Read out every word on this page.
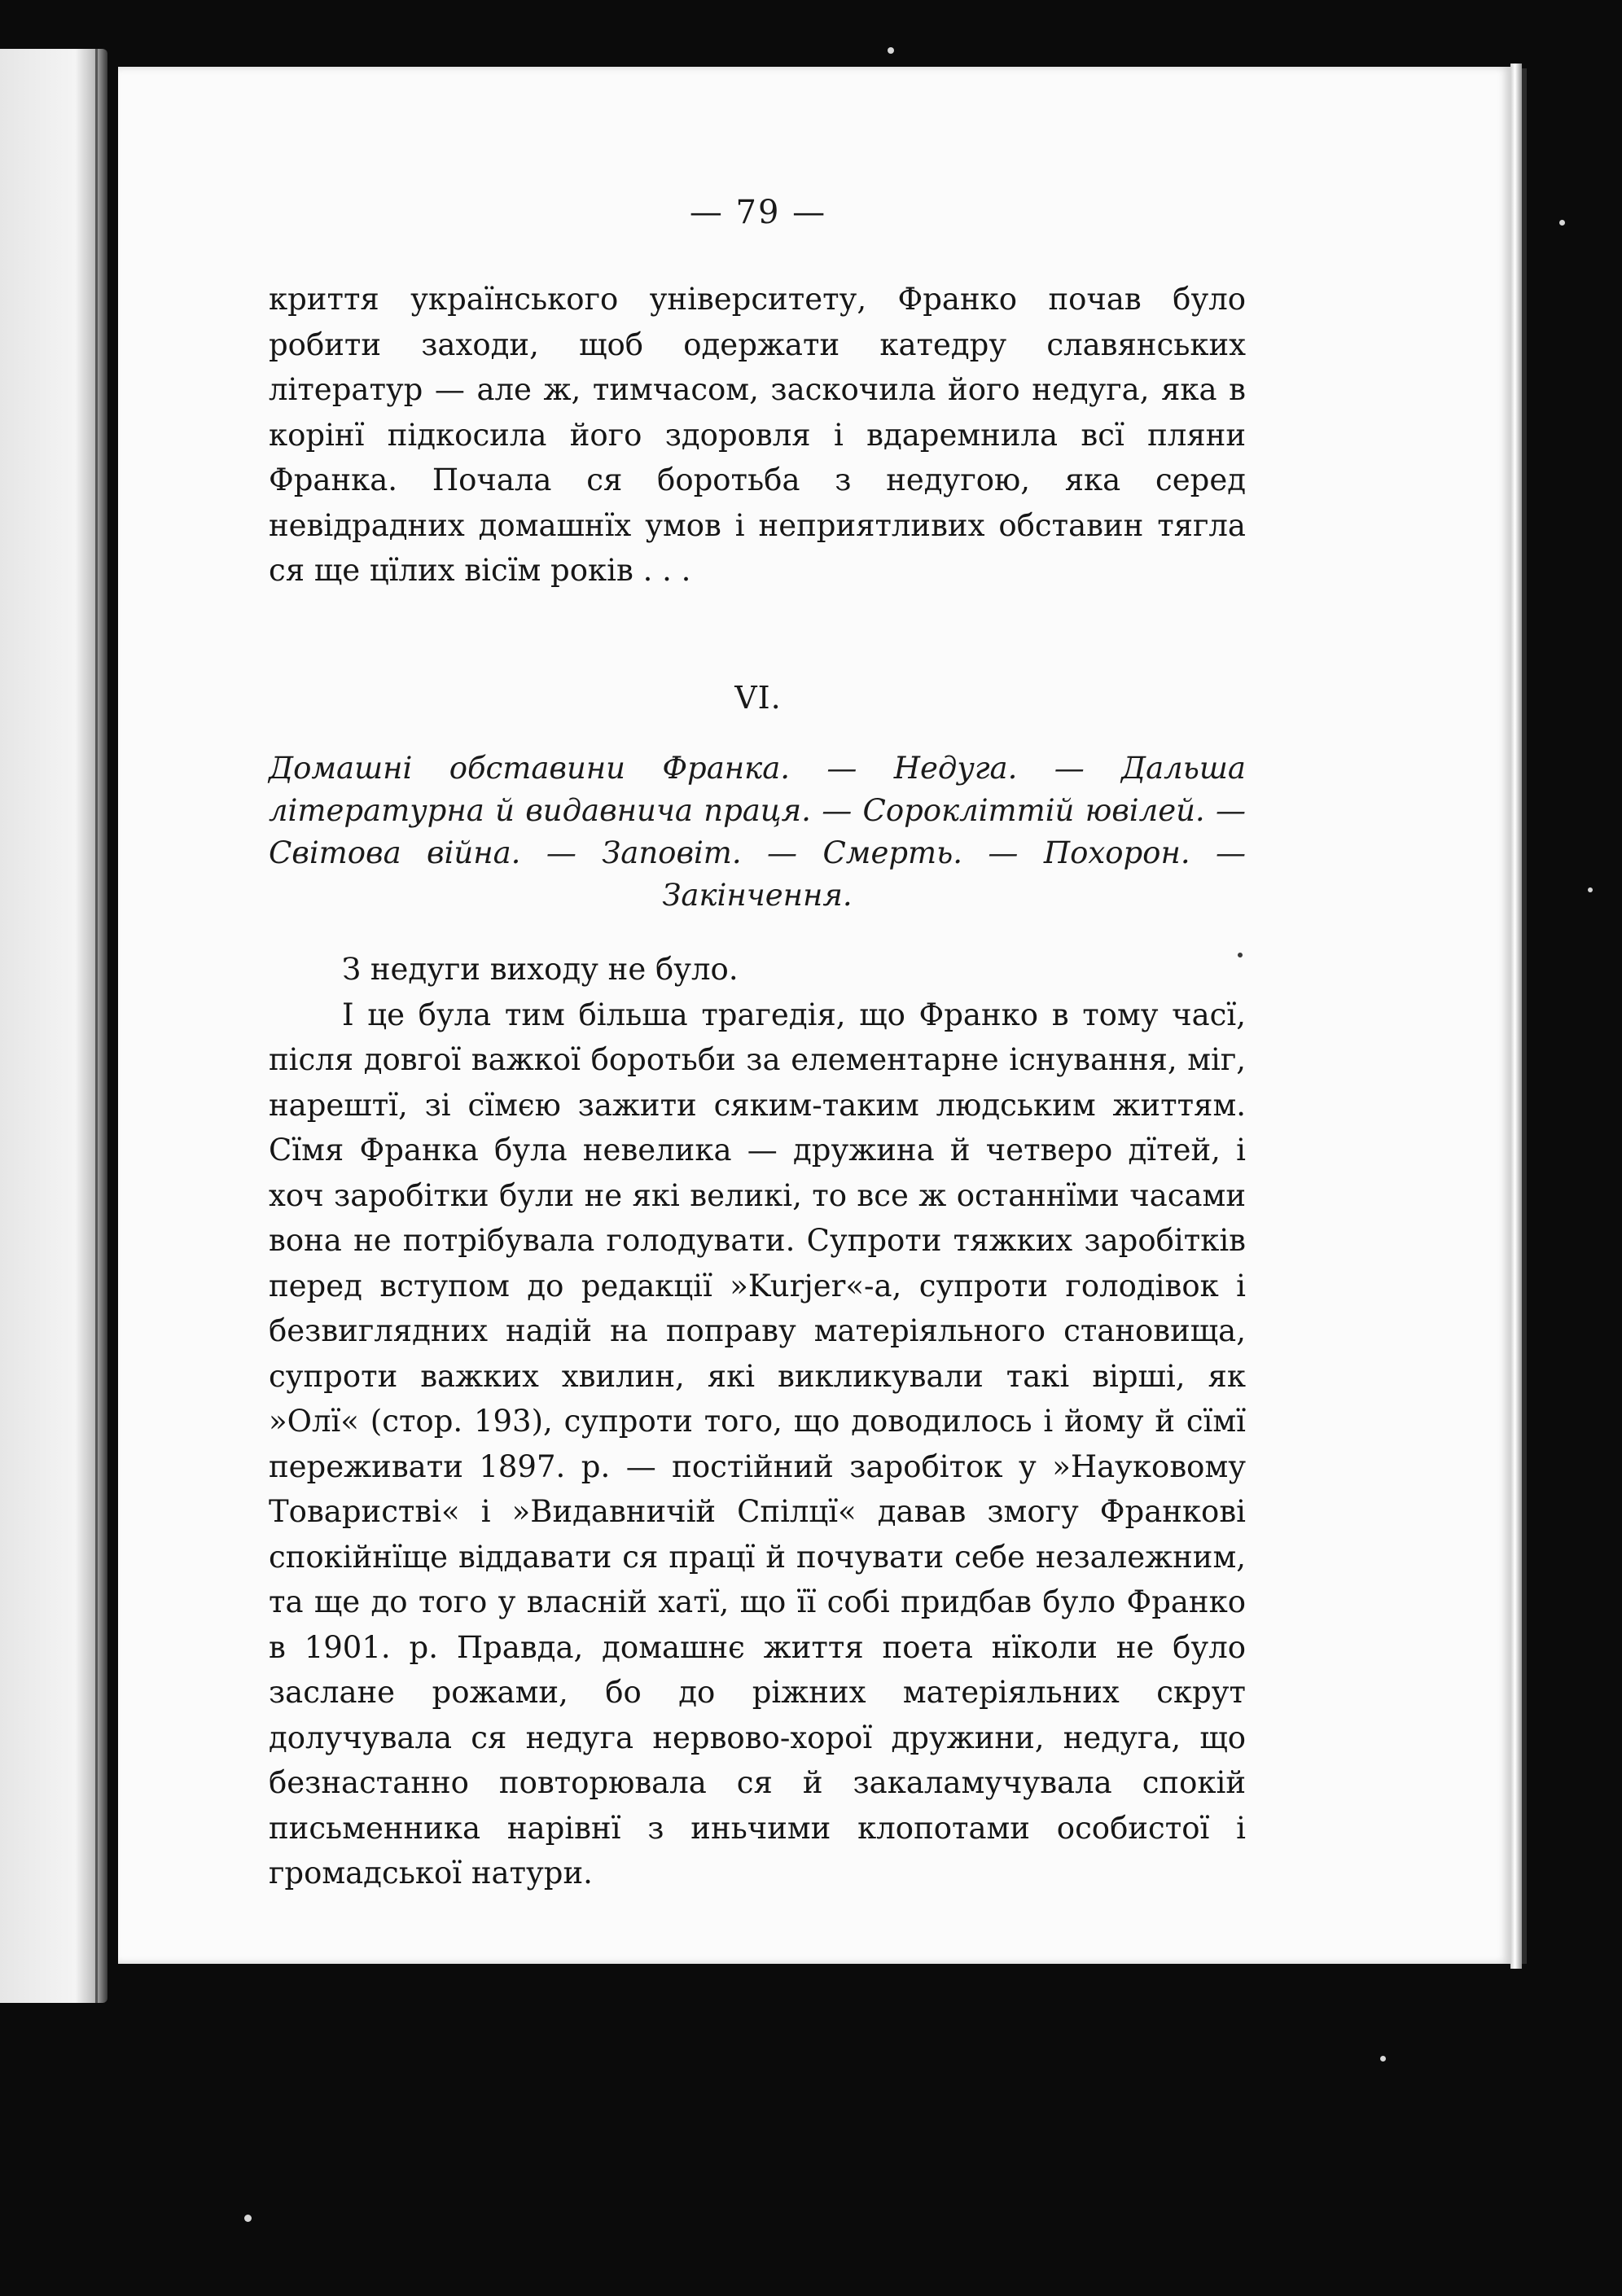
— 79 —

криття українського університету, Франко почав було робити заходи, щоб одержати катедру славянських літератур — але ж, тимчасом, заскочила його недуга, яка в корінї підкосила його здоровля і вдаремнила всї пляни Франка. Почала ся боротьба з недугою, яка серед невідрадних домашнїх умов і неприятливих обставин тягла ся ще цїлих вісїм років . . .

VI.
Домашні обставини Франка. — Недуга. — Дальша літературна й видавнича праця. — Сорокліттій ювілей. — Світова війна. — Заповіт. — Смерть. — Похорон. — Закінчення.

З недуги виходу не було.

І це була тим більша трагедія, що Франко в тому часї, після довгої важкої боротьби за елементарне існування, міг, нарештї, зі сїмєю зажити сяким-таким людським життям. Сїмя Франка була невелика — дружина й четверо дїтей, і хоч заробітки були не які великі, то все ж останнїми часами вона не потрібувала голодувати. Супроти тяжких заробітків перед вступом до редакції »Kurjer«-а, супроти голодівок і безвиглядних надій на поправу матеріяльного становища, супроти важких хвилин, які викликували такі вірші, як »Олї« (стор. 193), супроти того, що доводилось і йому й сїмї переживати 1897. р. — постійний заробіток у »Науковому Товаристві« і »Видавничій Спілцї« давав змогу Франкові спокійнїще віддавати ся працї й почувати себе незалежним, та ще до того у власній хатї, що її собі придбав було Франко в 1901. р. Правда, домашнє життя поета нїколи не було заслане рожами, бо до ріжних матеріяльних скрут долучувала ся недуга нервово-хорої дружини, недуга, що безнастанно повторювала ся й закаламучувала спокій письменника нарівнї з иньчими клопотами особистої і громадської натури.
